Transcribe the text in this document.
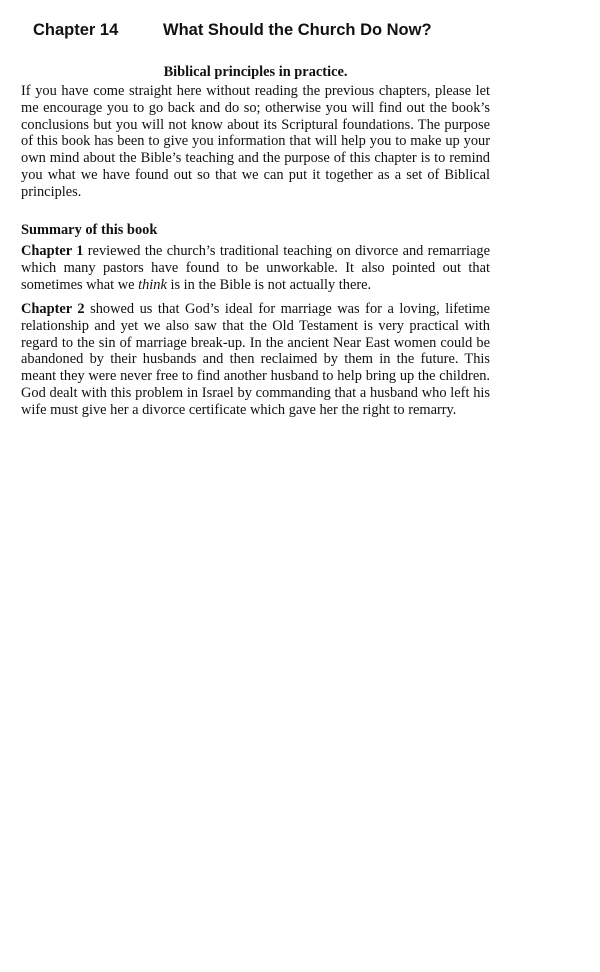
Chapter 14	What Should the Church Do Now?
Biblical principles in practice.

If you have come straight here without reading the previous chapters, please let me encourage you to go back and do so; otherwise you will find out the book’s conclusions but you will not know about its Scriptural foundations. The purpose of this book has been to give you information that will help you to make up your own mind about the Bible’s teaching and the purpose of this chapter is to remind you what we have found out so that we can put it together as a set of Biblical principles.

Summary of this book

Chapter 1 reviewed the church’s traditional teaching on divorce and remarriage which many pastors have found to be unworkable. It also pointed out that sometimes what we think is in the Bible is not actually there.

Chapter 2 showed us that God’s ideal for marriage was for a loving, lifetime relationship and yet we also saw that the Old Testament is very practical with regard to the sin of marriage break-up. In the ancient Near East women could be abandoned by their husbands and then reclaimed by them in the future. This meant they were never free to find another husband to help bring up the children. God dealt with this problem in Israel by commanding that a husband who left his wife must give her a divorce certificate which gave her the right to remarry.
